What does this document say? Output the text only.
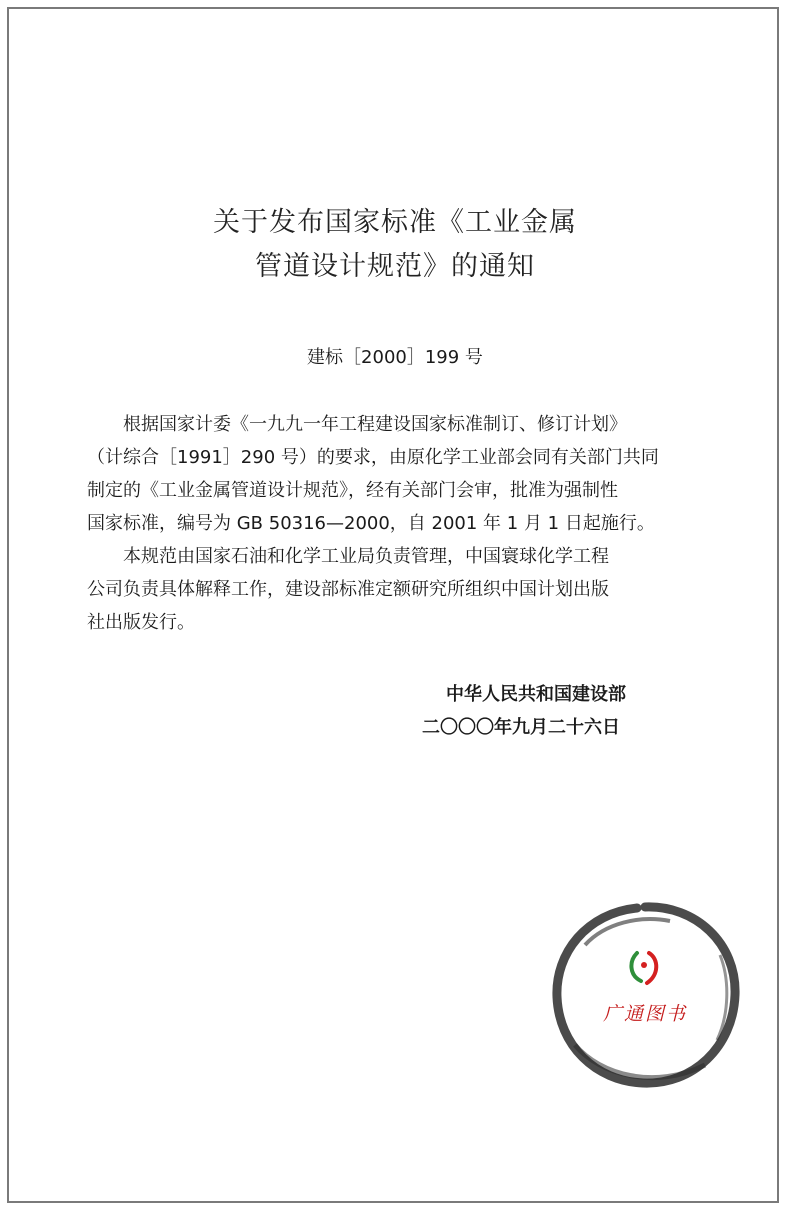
关于发布国家标准《工业金属
管道设计规范》的通知
建标［2000］199 号
根据国家计委《一九九一年工程建设国家标准制订、修订计划》
（计综合［1991］290 号）的要求，由原化学工业部会同有关部门共同
制定的《工业金属管道设计规范》，经有关部门会审，批准为强制性
国家标准，编号为 GB 50316—2000，自 2001 年 1 月 1 日起施行。
本规范由国家石油和化学工业局负责管理，中国寰球化学工程
公司负责具体解释工作，建设部标准定额研究所组织中国计划出版
社出版发行。
中华人民共和国建设部
二〇〇〇年九月二十六日
广通图书
